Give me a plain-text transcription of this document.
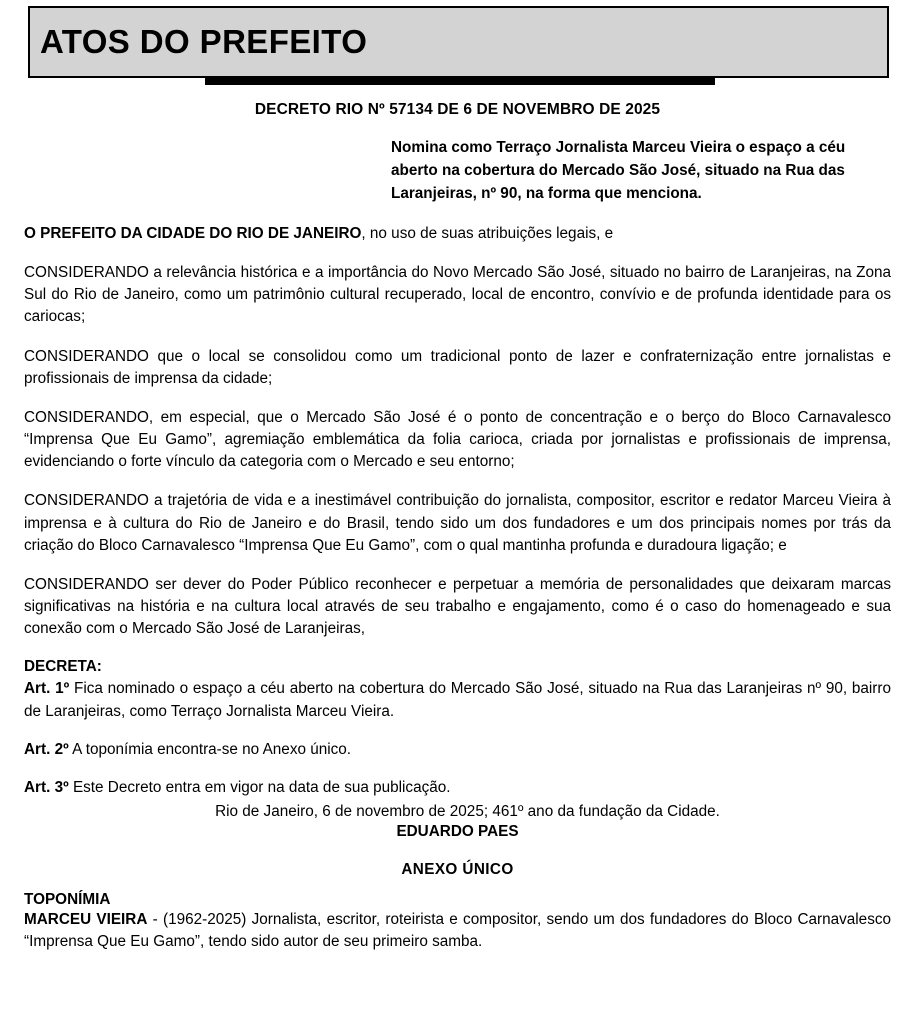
ATOS DO PREFEITO
DECRETO RIO Nº 57134 DE 6 DE NOVEMBRO DE 2025
Nomina como Terraço Jornalista Marceu Vieira o espaço a céu aberto na cobertura do Mercado São José, situado na Rua das Laranjeiras, nº 90, na forma que menciona.

O PREFEITO DA CIDADE DO RIO DE JANEIRO, no uso de suas atribuições legais, e

CONSIDERANDO a relevância histórica e a importância do Novo Mercado São José, situado no bairro de Laranjeiras, na Zona Sul do Rio de Janeiro, como um patrimônio cultural recuperado, local de encontro, convívio e de profunda identidade para os cariocas;

CONSIDERANDO que o local se consolidou como um tradicional ponto de lazer e confraternização entre jornalistas e profissionais de imprensa da cidade;

CONSIDERANDO, em especial, que o Mercado São José é o ponto de concentração e o berço do Bloco Carnavalesco “Imprensa Que Eu Gamo”, agremiação emblemática da folia carioca, criada por jornalistas e profissionais de imprensa, evidenciando o forte vínculo da categoria com o Mercado e seu entorno;

CONSIDERANDO a trajetória de vida e a inestimável contribuição do jornalista, compositor, escritor e redator Marceu Vieira à imprensa e à cultura do Rio de Janeiro e do Brasil, tendo sido um dos fundadores e um dos principais nomes por trás da criação do Bloco Carnavalesco “Imprensa Que Eu Gamo”, com o qual mantinha profunda e duradoura ligação; e

CONSIDERANDO ser dever do Poder Público reconhecer e perpetuar a memória de personalidades que deixaram marcas significativas na história e na cultura local através de seu trabalho e engajamento, como é o caso do homenageado e sua conexão com o Mercado São José de Laranjeiras,

DECRETA:

Art. 1º Fica nominado o espaço a céu aberto na cobertura do Mercado São José, situado na Rua das Laranjeiras nº 90, bairro de Laranjeiras, como Terraço Jornalista Marceu Vieira.

Art. 2º A toponímia encontra-se no Anexo único.

Art. 3º Este Decreto entra em vigor na data de sua publicação.

Rio de Janeiro, 6 de novembro de 2025; 461º ano da fundação da Cidade.
EDUARDO PAES
ANEXO ÚNICO
TOPONÍMIA

MARCEU VIEIRA - (1962-2025) Jornalista, escritor, roteirista e compositor, sendo um dos fundadores do Bloco Carnavalesco “Imprensa Que Eu Gamo”, tendo sido autor de seu primeiro samba.
